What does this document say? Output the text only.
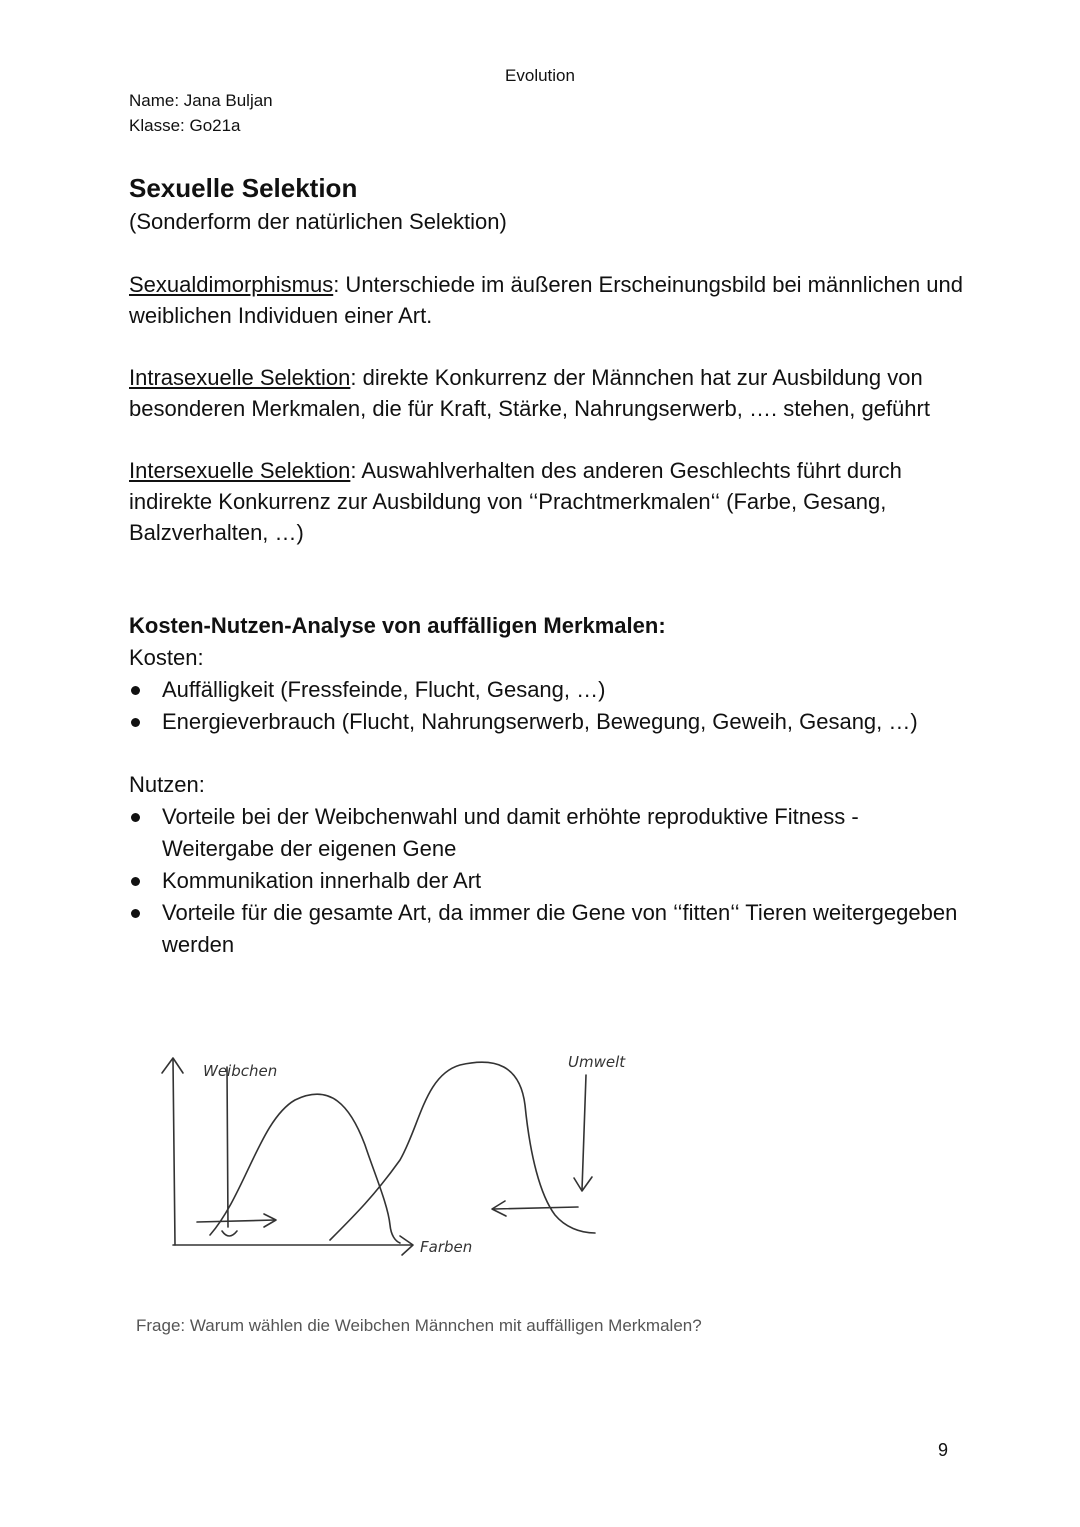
Evolution
Name: Jana Buljan
Klasse: Go21a
Sexuelle Selektion

(Sonderform der natürlichen Selektion)

Sexualdimorphismus: Unterschiede im äußeren Erscheinungsbild bei männlichen und weiblichen Individuen einer Art.

Intrasexuelle Selektion: direkte Konkurrenz der Männchen hat zur Ausbildung von besonderen Merkmalen, die für Kraft, Stärke, Nahrungserwerb, …. stehen, geführt

Intersexuelle Selektion: Auswahlverhalten des anderen Geschlechts führt durch indirekte Konkurrenz zur Ausbildung von ‘‘Prachtmerkmalen‘‘ (Farbe, Gesang, Balzverhalten, …)

Kosten-Nutzen-Analyse von auffälligen Merkmalen:
Kosten:
Auffälligkeit (Fressfeinde, Flucht, Gesang, …)
Energieverbrauch (Flucht, Nahrungserwerb, Bewegung, Geweih, Gesang, …)
Nutzen:
Vorteile bei der Weibchenwahl und damit erhöhte reproduktive Fitness - Weitergabe der eigenen Gene
Kommunikation innerhalb der Art
Vorteile für die gesamte Art, da immer die Gene von ‘‘fitten‘‘ Tieren weitergegeben werden
Weibchen	Umwelt
Farben
Frage: Warum wählen die Weibchen Männchen mit auffälligen Merkmalen?
9
